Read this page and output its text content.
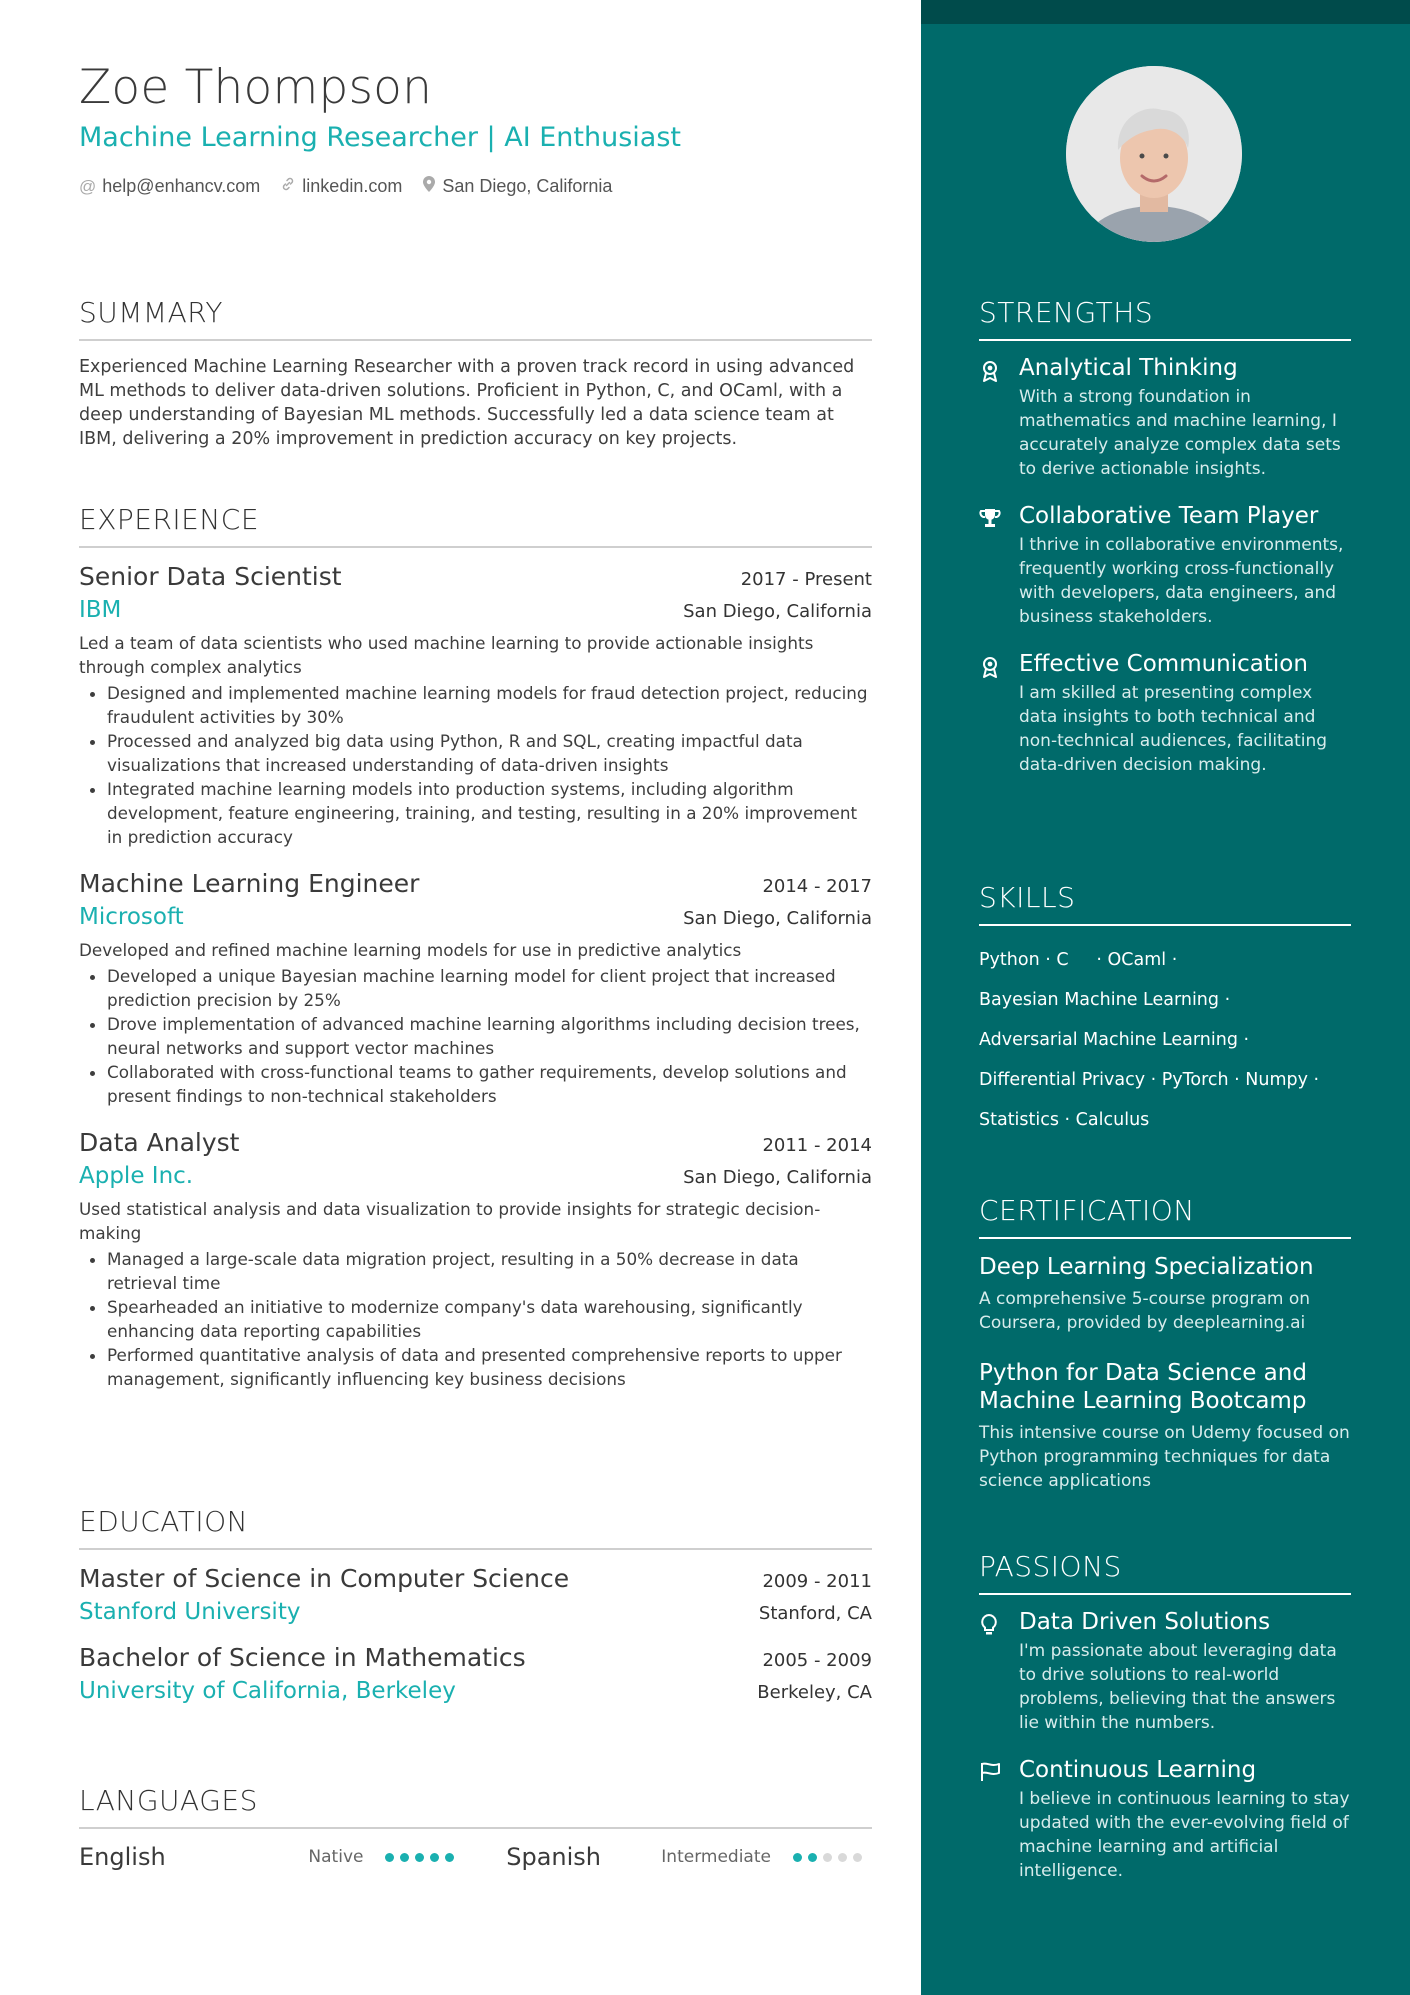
Zoe Thompson
Machine Learning Researcher | AI Enthusiast
@ help@enhancv.com linkedin.com San Diego, California
SUMMARY
Experienced Machine Learning Researcher with a proven track record in using advanced ML methods to deliver data-driven solutions. Proficient in Python, C, and OCaml, with a deep understanding of Bayesian ML methods. Successfully led a data science team at IBM, delivering a 20% improvement in prediction accuracy on key projects.
EXPERIENCE
Senior Data Scientist	2017 - Present
IBM	San Diego, California
Led a team of data scientists who used machine learning to provide actionable insights through complex analytics
• Designed and implemented machine learning models for fraud detection project, reducing fraudulent activities by 30%
• Processed and analyzed big data using Python, R and SQL, creating impactful data visualizations that increased understanding of data-driven insights
• Integrated machine learning models into production systems, including algorithm development, feature engineering, training, and testing, resulting in a 20% improvement in prediction accuracy
Machine Learning Engineer	2014 - 2017
Microsoft	San Diego, California
Developed and refined machine learning models for use in predictive analytics
• Developed a unique Bayesian machine learning model for client project that increased prediction precision by 25%
• Drove implementation of advanced machine learning algorithms including decision trees, neural networks and support vector machines
• Collaborated with cross-functional teams to gather requirements, develop solutions and present findings to non-technical stakeholders
Data Analyst	2011 - 2014
Apple Inc.	San Diego, California
Used statistical analysis and data visualization to provide insights for strategic decision-making
• Managed a large-scale data migration project, resulting in a 50% decrease in data retrieval time
• Spearheaded an initiative to modernize company's data warehousing, significantly enhancing data reporting capabilities
• Performed quantitative analysis of data and presented comprehensive reports to upper management, significantly influencing key business decisions
EDUCATION
Master of Science in Computer Science	2009 - 2011
Stanford University	Stanford, CA
Bachelor of Science in Mathematics	2005 - 2009
University of California, Berkeley	Berkeley, CA
LANGUAGES
English	Native	Spanish	Intermediate
STRENGTHS
Analytical Thinking
With a strong foundation in mathematics and machine learning, I accurately analyze complex data sets to derive actionable insights.
Collaborative Team Player
I thrive in collaborative environments, frequently working cross-functionally with developers, data engineers, and business stakeholders.
Effective Communication
I am skilled at presenting complex data insights to both technical and non-technical audiences, facilitating data-driven decision making.
SKILLS
Python · C     · OCaml ·
Bayesian Machine Learning ·
Adversarial Machine Learning ·
Differential Privacy · PyTorch · Numpy ·
Statistics · Calculus
CERTIFICATION
Deep Learning Specialization
A comprehensive 5-course program on Coursera, provided by deeplearning.ai
Python for Data Science and Machine Learning Bootcamp
This intensive course on Udemy focused on Python programming techniques for data science applications
PASSIONS
Data Driven Solutions
I'm passionate about leveraging data to drive solutions to real-world problems, believing that the answers lie within the numbers.
Continuous Learning
I believe in continuous learning to stay updated with the ever-evolving field of machine learning and artificial intelligence.
